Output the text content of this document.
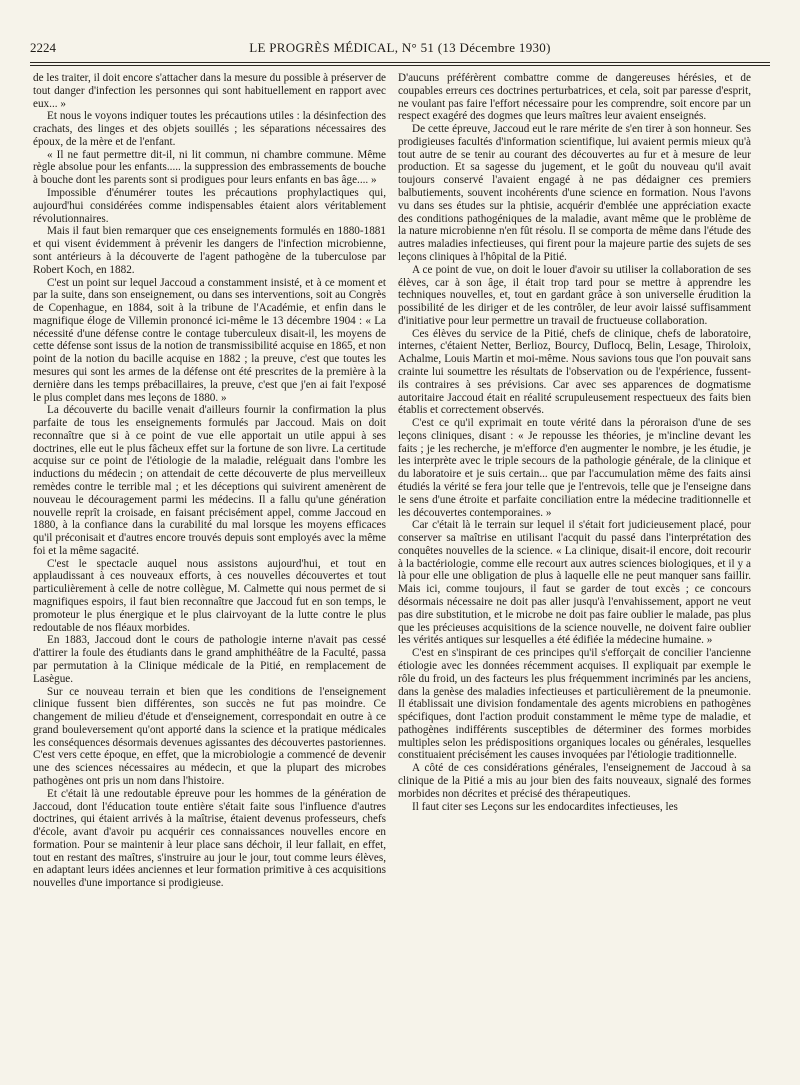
2224	LE PROGRÈS MÉDICAL, N° 51 (13 Décembre 1930)

de les traiter, il doit encore s'attacher dans la mesure du possible à préserver de tout danger d'infection les personnes qui sont habituellement en rapport avec eux... »

Et nous le voyons indiquer toutes les précautions utiles : la désinfection des crachats, des linges et des objets souillés ; les séparations nécessaires des époux, de la mère et de l'enfant.

« Il ne faut permettre dit-il, ni lit commun, ni chambre commune. Même règle absolue pour les enfants..... la suppression des embrassements de bouche à bouche dont les parents sont si prodigues pour leurs enfants en bas âge.... »

Impossible d'énumérer toutes les précautions prophylactiques qui, aujourd'hui considérées comme indispensables étaient alors véritablement révolutionnaires.

Mais il faut bien remarquer que ces enseignements formulés en 1880-1881 et qui visent évidemment à prévenir les dangers de l'infection microbienne, sont antérieurs à la découverte de l'agent pathogène de la tuberculose par Robert Koch, en 1882.

C'est un point sur lequel Jaccoud a constamment insisté, et à ce moment et par la suite, dans son enseignement, ou dans ses interventions, soit au Congrès de Copenhague, en 1884, soit à la tribune de l'Académie, et enfin dans le magnifique éloge de Villemin prononcé ici-même le 13 décembre 1904 : « La nécessité d'une défense contre le contage tuberculeux disait-il, les moyens de cette défense sont issus de la notion de transmissibilité acquise en 1865, et non point de la notion du bacille acquise en 1882 ; la preuve, c'est que toutes les mesures qui sont les armes de la défense ont été prescrites de la première à la dernière dans les temps prébacillaires, la preuve, c'est que j'en ai fait l'exposé le plus complet dans mes leçons de 1880. »

La découverte du bacille venait d'ailleurs fournir la confirmation la plus parfaite de tous les enseignements formulés par Jaccoud. Mais on doit reconnaître que si à ce point de vue elle apportait un utile appui à ses doctrines, elle eut le plus fâcheux effet sur la fortune de son livre. La certitude acquise sur ce point de l'étiologie de la maladie, reléguait dans l'ombre les inductions du médecin ; on attendait de cette découverte de plus merveilleux remèdes contre le terrible mal ; et les déceptions qui suivirent amenèrent de nouveau le découragement parmi les médecins. Il a fallu qu'une génération nouvelle reprît la croisade, en faisant précisément appel, comme Jaccoud en 1880, à la confiance dans la curabilité du mal lorsque les moyens efficaces qu'il préconisait et d'autres encore trouvés depuis sont employés avec la même foi et la même sagacité.

C'est le spectacle auquel nous assistons aujourd'hui, et tout en applaudissant à ces nouveaux efforts, à ces nouvelles découvertes et tout particulièrement à celle de notre collègue, M. Calmette qui nous permet de si magnifiques espoirs, il faut bien reconnaître que Jaccoud fut en son temps, le promoteur le plus énergique et le plus clairvoyant de la lutte contre le plus redoutable de nos fléaux morbides.

En 1883, Jaccoud dont le cours de pathologie interne n'avait pas cessé d'attirer la foule des étudiants dans le grand amphithéâtre de la Faculté, passa par permutation à la Clinique médicale de la Pitié, en remplacement de Lasègue.

Sur ce nouveau terrain et bien que les conditions de l'enseignement clinique fussent bien différentes, son succès ne fut pas moindre. Ce changement de milieu d'étude et d'enseignement, correspondait en outre à ce grand bouleversement qu'ont apporté dans la science et la pratique médicales les conséquences désormais devenues agissantes des découvertes pastoriennes. C'est vers cette époque, en effet, que la microbiologie a commencé de devenir une des sciences nécessaires au médecin, et que la plupart des microbes pathogènes ont pris un nom dans l'histoire.

Et c'était là une redoutable épreuve pour les hommes de la génération de Jaccoud, dont l'éducation toute entière s'était faite sous l'influence d'autres doctrines, qui étaient arrivés à la maîtrise, étaient devenus professeurs, chefs d'école, avant d'avoir pu acquérir ces connaissances nouvelles encore en formation. Pour se maintenir à leur place sans déchoir, il leur fallait, en effet, tout en restant des maîtres, s'instruire au jour le jour, tout comme leurs élèves, en adaptant leurs idées anciennes et leur formation primitive à ces acquisitions nouvelles d'une importance si prodigieuse.

D'aucuns préférèrent combattre comme de dangereuses hérésies, et de coupables erreurs ces doctrines perturbatrices, et cela, soit par paresse d'esprit, ne voulant pas faire l'effort nécessaire pour les comprendre, soit encore par un respect exagéré des dogmes que leurs maîtres leur avaient enseignés.

De cette épreuve, Jaccoud eut le rare mérite de s'en tirer à son honneur. Ses prodigieuses facultés d'information scientifique, lui avaient permis mieux qu'à tout autre de se tenir au courant des découvertes au fur et à mesure de leur production. Et sa sagesse du jugement, et le goût du nouveau qu'il avait toujours conservé l'avaient engagé à ne pas dédaigner ces premiers balbutiements, souvent incohérents d'une science en formation. Nous l'avons vu dans ses études sur la phtisie, acquérir d'emblée une appréciation exacte des conditions pathogéniques de la maladie, avant même que le problème de la nature microbienne n'en fût résolu. Il se comporta de même dans l'étude des autres maladies infectieuses, qui firent pour la majeure partie des sujets de ses leçons cliniques à l'hôpital de la Pitié.

A ce point de vue, on doit le louer d'avoir su utiliser la collaboration de ses élèves, car à son âge, il était trop tard pour se mettre à apprendre les techniques nouvelles, et, tout en gardant grâce à son universelle érudition la possibilité de les diriger et de les contrôler, de leur avoir laissé suffisamment d'initiative pour leur permettre un travail de fructueuse collaboration.

Ces élèves du service de la Pitié, chefs de clinique, chefs de laboratoire, internes, c'étaient Netter, Berlioz, Bourcy, Duflocq, Belin, Lesage, Thiroloix, Achalme, Louis Martin et moi-même. Nous savions tous que l'on pouvait sans crainte lui soumettre les résultats de l'observation ou de l'expérience, fussent-ils contraires à ses prévisions. Car avec ses apparences de dogmatisme autoritaire Jaccoud était en réalité scrupuleusement respectueux des faits bien établis et correctement observés.

C'est ce qu'il exprimait en toute vérité dans la péroraison d'une de ses leçons cliniques, disant : « Je repousse les théories, je m'incline devant les faits ; je les recherche, je m'efforce d'en augmenter le nombre, je les étudie, je les interprète avec le triple secours de la pathologie générale, de la clinique et du laboratoire et je suis certain... que par l'accumulation même des faits ainsi étudiés la vérité se fera jour telle que je l'entrevois, telle que je l'enseigne dans le sens d'une étroite et parfaite conciliation entre la médecine traditionnelle et les découvertes contemporaines. »

Car c'était là le terrain sur lequel il s'était fort judicieusement placé, pour conserver sa maîtrise en utilisant l'acquit du passé dans l'interprétation des conquêtes nouvelles de la science. « La clinique, disait-il encore, doit recourir à la bactériologie, comme elle recourt aux autres sciences biologiques, et il y a là pour elle une obligation de plus à laquelle elle ne peut manquer sans faillir. Mais ici, comme toujours, il faut se garder de tout excès ; ce concours désormais nécessaire ne doit pas aller jusqu'à l'envahissement, apport ne veut pas dire substitution, et le microbe ne doit pas faire oublier le malade, pas plus que les précieuses acquisitions de la science nouvelle, ne doivent faire oublier les vérités antiques sur lesquelles a été édifiée la médecine humaine. »

C'est en s'inspirant de ces principes qu'il s'efforçait de concilier l'ancienne étiologie avec les données récemment acquises. Il expliquait par exemple le rôle du froid, un des facteurs les plus fréquemment incriminés par les anciens, dans la genèse des maladies infectieuses et particulièrement de la pneumonie. Il établissait une division fondamentale des agents microbiens en pathogènes spécifiques, dont l'action produit constamment le même type de maladie, et pathogènes indifférents susceptibles de déterminer des formes morbides multiples selon les prédispositions organiques locales ou générales, lesquelles constituaient précisément les causes invoquées par l'étiologie traditionnelle.

A côté de ces considérations générales, l'enseignement de Jaccoud à sa clinique de la Pitié a mis au jour bien des faits nouveaux, signalé des formes morbides non décrites et précisé des thérapeutiques.

Il faut citer ses Leçons sur les endocardites infectieuses, les
